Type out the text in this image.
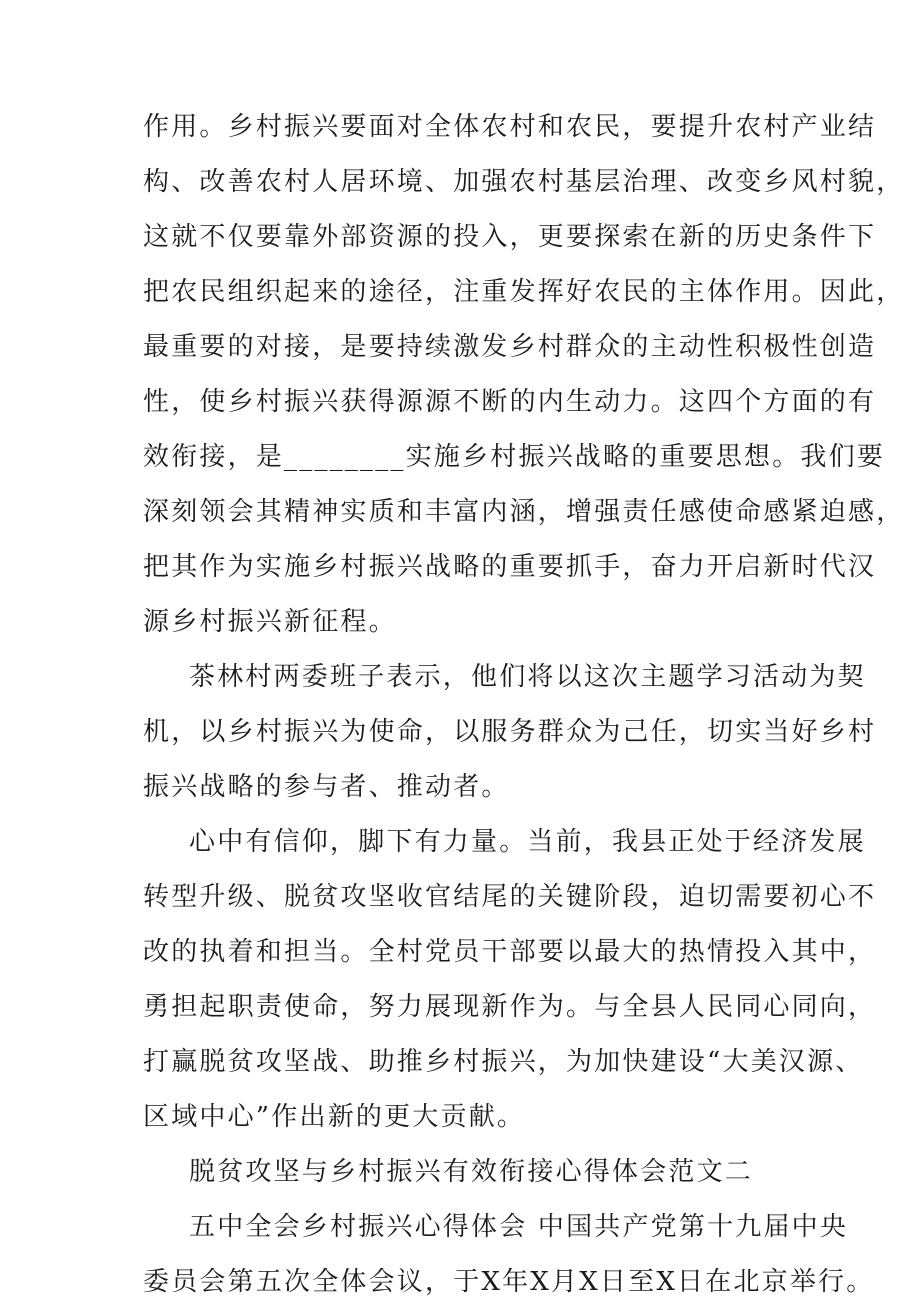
作用。乡村振兴要面对全体农村和农民，要提升农村产业结
构、改善农村人居环境、加强农村基层治理、改变乡风村貌，
这就不仅要靠外部资源的投入，更要探索在新的历史条件下
把农民组织起来的途径，注重发挥好农民的主体作用。因此，
最重要的对接，是要持续激发乡村群众的主动性积极性创造
性，使乡村振兴获得源源不断的内生动力。这四个方面的有
效衔接，是________实施乡村振兴战略的重要思想。我们要
深刻领会其精神实质和丰富内涵，增强责任感使命感紧迫感，
把其作为实施乡村振兴战略的重要抓手，奋力开启新时代汉
源乡村振兴新征程。
茶林村两委班子表示，他们将以这次主题学习活动为契
机，以乡村振兴为使命，以服务群众为己任，切实当好乡村
振兴战略的参与者、推动者。
心中有信仰，脚下有力量。当前，我县正处于经济发展
转型升级、脱贫攻坚收官结尾的关键阶段，迫切需要初心不
改的执着和担当。全村党员干部要以最大的热情投入其中，
勇担起职责使命，努力展现新作为。与全县人民同心同向，
打赢脱贫攻坚战、助推乡村振兴，为加快建设“大美汉源、
区域中心”作出新的更大贡献。
脱贫攻坚与乡村振兴有效衔接心得体会范文二
五中全会乡村振兴心得体会 中国共产党第十九届中央
委员会第五次全体会议，于X年X月X日至X日在北京举行。
